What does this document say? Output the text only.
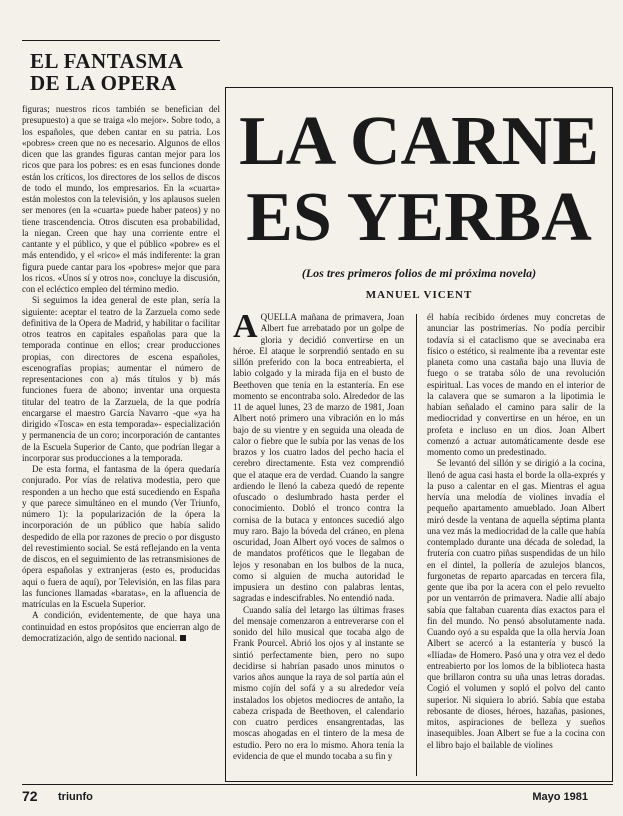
EL FANTASMA
DE LA OPERA

figuras; nuestros ricos también se benefician del presupuesto) a que se traiga «lo mejor». Sobre todo, a los españoles, que deben cantar en su patria. Los «pobres» creen que no es necesario. Algunos de ellos dicen que las grandes figuras cantan mejor para los ricos que para los pobres: es en esas funciones donde están los críticos, los directores de los sellos de discos de todo el mundo, los empresarios. En la «cuarta» están molestos con la televisión, y los aplausos suelen ser menores (en la «cuarta» puede haber pateos) y no tiene trascendencia. Otros discuten esa probabilidad, la niegan. Creen que hay una corriente entre el cantante y el público, y que el público «pobre» es el más entendido, y el «rico» el más indiferente: la gran figura puede cantar para los «pobres» mejor que para los ricos. «Unos sí y otros no», concluye la discusión, con el ecléctico empleo del término medio.

Si seguimos la idea general de este plan, sería la siguiente: aceptar el teatro de la Zarzuela como sede definitiva de la Opera de Madrid, y habilitar o facilitar otros teatros en capitales españolas para que la temporada continue en ellos; crear producciones propias, con directores de escena españoles, escenografías propias; aumentar el número de representaciones con a) más títulos y b) más funciones fuera de abono; inventar una orquesta titular del teatro de la Zarzuela, de la que podría encargarse el maestro García Navarro -que «ya ha dirigido «Tosca» en esta temporada»- especialización y permanencia de un coro; incorporación de cantantes de la Escuela Superior de Canto, que podrían llegar a incorporar sus producciones a la temporada.

De esta forma, el fantasma de la ópera quedaría conjurado. Por vías de relativa modestia, pero que responden a un hecho que está sucediendo en España y que parece simultáneo en el mundo (Ver Triunfo, número 1): la popularización de la ópera la incorporación de un público que había salido despedido de ella por razones de precio o por disgusto del revestimiento social. Se está reflejando en la venta de discos, en el seguimiento de las retransmisiones de ópera españolas y extranjeras (esto es, producidas aquí o fuera de aquí), por Televisión, en las filas para las funciones llamadas «baratas», en la afluencia de matrículas en la Escuela Superior.

A condición, evidentemente, de que haya una continuidad en estos propósitos que encierran algo de democratización, algo de sentido nacional.

LA CARNE
ES YERBA
(Los tres primeros folios de mi próxima novela)
MANUEL VICENT

AQUELLA mañana de primavera, Joan Albert fue arrebatado por un golpe de gloria y decidió convertirse en un héroe. El ataque le sorprendió sentado en su sillón preferido con la boca entreabierta, el labio colgado y la mirada fija en el busto de Beethoven que tenía en la estantería. En ese momento se encontraba solo. Alrededor de las 11 de aquel lunes, 23 de marzo de 1981, Joan Albert notó primero una vibración en lo más bajo de su vientre y en seguida una oleada de calor o fiebre que le subía por las venas de los brazos y los cuatro lados del pecho hacia el cerebro directamente. Esta vez comprendió que el ataque era de verdad. Cuando la sangre ardiendo le llenó la cabeza quedó de repente ofuscado o deslumbrado hasta perder el conocimiento. Dobló el tronco contra la cornisa de la butaca y entonces sucedió algo muy raro. Bajo la bóveda del cráneo, en plena oscuridad, Joan Albert oyó voces de salmos o de mandatos proféticos que le llegaban de lejos y resonaban en los bulbos de la nuca, como si alguien de mucha autoridad le impusiera un destino con palabras lentas, sagradas e indescifrables. No entendió nada.

Cuando salía del letargo las últimas frases del mensaje comenzaron a entreverarse con el sonido del hilo musical que tocaba algo de Frank Pourcel. Abrió los ojos y al instante se sintió perfectamente bien, pero no supo decidirse si habrían pasado unos minutos o varios años aunque la raya de sol partía aún el mismo cojín del sofá y a su alrededor veía instalados los objetos mediocres de antaño, la cabeza crispada de Beethoven, el calendario con cuatro perdices ensangrentadas, las moscas ahogadas en el tintero de la mesa de estudio. Pero no era lo mismo. Ahora tenía la evidencia de que el mundo tocaba a su fin y

él había recibido órdenes muy concretas de anunciar las postrimerías. No podía percibir todavía si el cataclismo que se avecinaba era físico o estético, si realmente iba a reventar este planeta como una castaña bajo una lluvia de fuego o se trataba sólo de una revolución espiritual. Las voces de mando en el interior de la calavera que se sumaron a la lipotimia le habían señalado el camino para salir de la mediocridad y convertirse en un héroe, en un profeta e incluso en un dios. Joan Albert comenzó a actuar automáticamente desde ese momento como un predestinado.

Se levantó del sillón y se dirigió a la cocina, llenó de agua casi hasta el borde la olla-exprés y la puso a calentar en el gas. Mientras el agua hervía una melodía de violines invadía el pequeño apartamento amueblado. Joan Albert miró desde la ventana de aquella séptima planta una vez más la mediocridad de la calle que había contemplado durante una década de soledad, la frutería con cuatro piñas suspendidas de un hilo en el dintel, la pollería de azulejos blancos, furgonetas de reparto aparcadas en tercera fila, gente que iba por la acera con el pelo revuelto por un ventarrón de primavera. Nadie allí abajo sabía que faltaban cuarenta días exactos para el fin del mundo. No pensó absolutamente nada. Cuando oyó a su espalda que la olla hervía Joan Albert se acercó a la estantería y buscó la «Ilíada» de Homero. Pasó una y otra vez el dedo entreabierto por los lomos de la biblioteca hasta que brillaron contra su uña unas letras doradas. Cogió el volumen y sopló el polvo del canto superior. Ni siquiera lo abrió. Sabía que estaba rebosante de dioses, héroes, hazañas, pasiones, mitos, aspiraciones de belleza y sueños inasequibles. Joan Albert se fue a la cocina con el libro bajo el bailable de violines

72 triunfo	Mayo 1981
